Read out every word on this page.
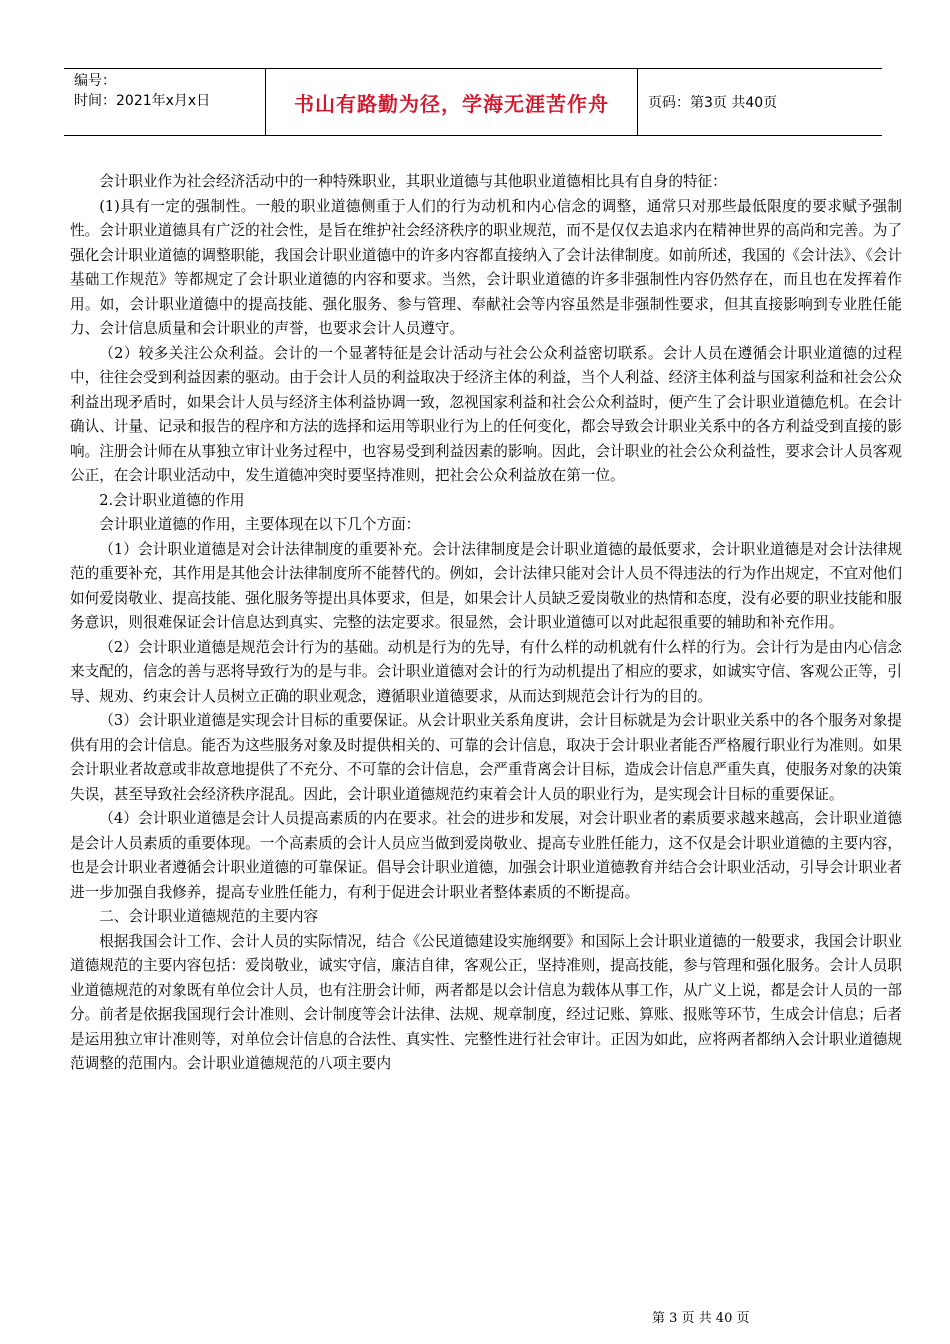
编号：
时间：2021年x月x日	书山有路勤为径，学海无涯苦作舟	页码：第3页 共40页

会计职业作为社会经济活动中的一种特殊职业，其职业道德与其他职业道德相比具有自身的特征：

(1)具有一定的强制性。一般的职业道德侧重于人们的行为动机和内心信念的调整，通常只对那些最低限度的要求赋予强制性。会计职业道德具有广泛的社会性，是旨在维护社会经济秩序的职业规范，而不是仅仅去追求内在精神世界的高尚和完善。为了强化会计职业道德的调整职能，我国会计职业道德中的许多内容都直接纳入了会计法律制度。如前所述，我国的《会计法》、《会计基础工作规范》等都规定了会计职业道德的内容和要求。当然，会计职业道德的许多非强制性内容仍然存在，而且也在发挥着作用。如，会计职业道德中的提高技能、强化服务、参与管理、奉献社会等内容虽然是非强制性要求，但其直接影响到专业胜任能力、会计信息质量和会计职业的声誉，也要求会计人员遵守。

（2）较多关注公众利益。会计的一个显著特征是会计活动与社会公众利益密切联系。会计人员在遵循会计职业道德的过程中，往往会受到利益因素的驱动。由于会计人员的利益取决于经济主体的利益，当个人利益、经济主体利益与国家利益和社会公众利益出现矛盾时，如果会计人员与经济主体利益协调一致，忽视国家利益和社会公众利益时，便产生了会计职业道德危机。在会计确认、计量、记录和报告的程序和方法的选择和运用等职业行为上的任何变化，都会导致会计职业关系中的各方利益受到直接的影响。注册会计师在从事独立审计业务过程中，也容易受到利益因素的影响。因此，会计职业的社会公众利益性，要求会计人员客观公正，在会计职业活动中，发生道德冲突时要坚持准则，把社会公众利益放在第一位。

2.会计职业道德的作用

会计职业道德的作用，主要体现在以下几个方面：

（1）会计职业道德是对会计法律制度的重要补充。会计法律制度是会计职业道德的最低要求，会计职业道德是对会计法律规范的重要补充，其作用是其他会计法律制度所不能替代的。例如，会计法律只能对会计人员不得违法的行为作出规定，不宜对他们如何爱岗敬业、提高技能、强化服务等提出具体要求，但是，如果会计人员缺乏爱岗敬业的热情和态度，没有必要的职业技能和服务意识，则很难保证会计信息达到真实、完整的法定要求。很显然，会计职业道德可以对此起很重要的辅助和补充作用。

（2）会计职业道德是规范会计行为的基础。动机是行为的先导，有什么样的动机就有什么样的行为。会计行为是由内心信念来支配的，信念的善与恶将导致行为的是与非。会计职业道德对会计的行为动机提出了相应的要求，如诚实守信、客观公正等，引导、规劝、约束会计人员树立正确的职业观念，遵循职业道德要求，从而达到规范会计行为的目的。

（3）会计职业道德是实现会计目标的重要保证。从会计职业关系角度讲，会计目标就是为会计职业关系中的各个服务对象提供有用的会计信息。能否为这些服务对象及时提供相关的、可靠的会计信息，取决于会计职业者能否严格履行职业行为准则。如果会计职业者故意或非故意地提供了不充分、不可靠的会计信息，会严重背离会计目标，造成会计信息严重失真，使服务对象的决策失误，甚至导致社会经济秩序混乱。因此，会计职业道德规范约束着会计人员的职业行为，是实现会计目标的重要保证。

（4）会计职业道德是会计人员提高素质的内在要求。社会的进步和发展，对会计职业者的素质要求越来越高，会计职业道德是会计人员素质的重要体现。一个高素质的会计人员应当做到爱岗敬业、提高专业胜任能力，这不仅是会计职业道德的主要内容，也是会计职业者遵循会计职业道德的可靠保证。倡导会计职业道德，加强会计职业道德教育并结合会计职业活动，引导会计职业者进一步加强自我修养，提高专业胜任能力，有利于促进会计职业者整体素质的不断提高。

二、会计职业道德规范的主要内容

根据我国会计工作、会计人员的实际情况，结合《公民道德建设实施纲要》和国际上会计职业道德的一般要求，我国会计职业道德规范的主要内容包括：爱岗敬业，诚实守信，廉洁自律，客观公正，坚持准则，提高技能，参与管理和强化服务。会计人员职业道德规范的对象既有单位会计人员，也有注册会计师，两者都是以会计信息为载体从事工作，从广义上说，都是会计人员的一部分。前者是依据我国现行会计准则、会计制度等会计法律、法规、规章制度，经过记账、算账、报账等环节，生成会计信息；后者是运用独立审计准则等，对单位会计信息的合法性、真实性、完整性进行社会审计。正因为如此，应将两者都纳入会计职业道德规范调整的范围内。会计职业道德规范的八项主要内

第 3 页 共 40 页
